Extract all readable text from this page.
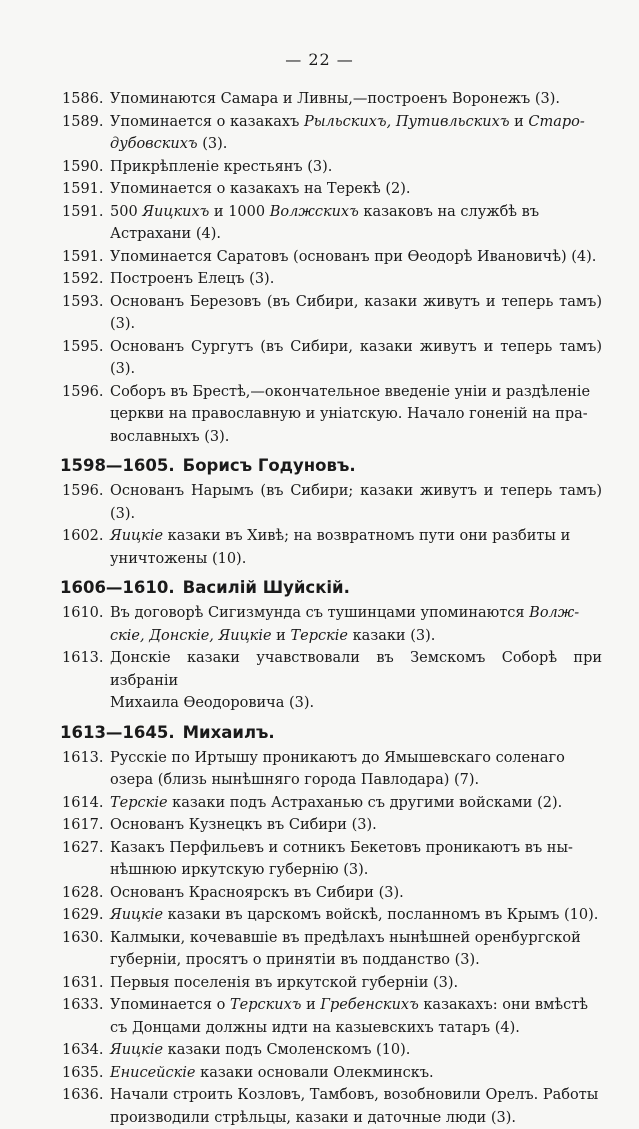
— 22 —
1586. Упоминаются Самара и Ливны,—построенъ Воронежъ (3).
1589. Упоминается о казакахъ Рыльскихъ, Путивльскихъ и Старо-
дубовскихъ (3).
1590. Прикрѣпленіе крестьянъ (3).
1591. Упоминается о казакахъ на Терекѣ (2).
1591. 500 Яицкихъ и 1000 Волжскихъ казаковъ на службѣ въ
Астрахани (4).
1591. Упоминается Саратовъ (основанъ при Ѳеодорѣ Ивановичѣ) (4).
1592. Построенъ Елецъ (3).
1593. Основанъ Березовъ (въ Сибири, казаки живутъ и теперь тамъ) (3).
1595. Основанъ Сургутъ (въ Сибири, казаки живутъ и теперь тамъ) (3).
1596. Соборъ въ Брестѣ,—окончательное введеніе уніи и раздѣленіе
церкви на православную и уніатскую. Начало гоненій на пра-
вославныхъ (3).
1598—1605. Борисъ Годуновъ.
1596. Основанъ Нарымъ (въ Сибири; казаки живутъ и теперь тамъ) (3).
1602. Яицкіе казаки въ Хивѣ; на возвратномъ пути они разбиты и
уничтожены (10).
1606—1610. Василій Шуйскій.
1610. Въ договорѣ Сигизмунда съ тушинцами упоминаются Волж-
скіе, Донскіе, Яицкіе и Терскіе казаки (3).
1613. Донскіе казаки учавствовали въ Земскомъ Соборѣ при избраніи
Михаила Ѳеодоровича (3).
1613—1645. Михаилъ.
1613. Русскіе по Иртышу проникаютъ до Ямышевскаго соленаго
озера (близь нынѣшняго города Павлодара) (7).
1614. Терскіе казаки подъ Астраханью съ другими войсками (2).
1617. Основанъ Кузнецкъ въ Сибири (3).
1627. Казакъ Перфильевъ и сотникъ Бекетовъ проникаютъ въ ны-
нѣшнюю иркутскую губернію (3).
1628. Основанъ Красноярскъ въ Сибири (3).
1629. Яицкіе казаки въ царскомъ войскѣ, посланномъ въ Крымъ (10).
1630. Калмыки, кочевавшіе въ предѣлахъ нынѣшней оренбургской
губерніи, просятъ о принятіи въ подданство (3).
1631. Первыя поселенія въ иркутской губерніи (3).
1633. Упоминается о Терскихъ и Гребенскихъ казакахъ: они вмѣстѣ
съ Донцами должны идти на казыевскихъ татаръ (4).
1634. Яицкіе казаки подъ Смоленскомъ (10).
1635. Енисейскіе казаки основали Олекминскъ.
1636. Начали строить Козловъ, Тамбовъ, возобновили Орелъ. Работы
производили стрѣльцы, казаки и даточные люди (3).
